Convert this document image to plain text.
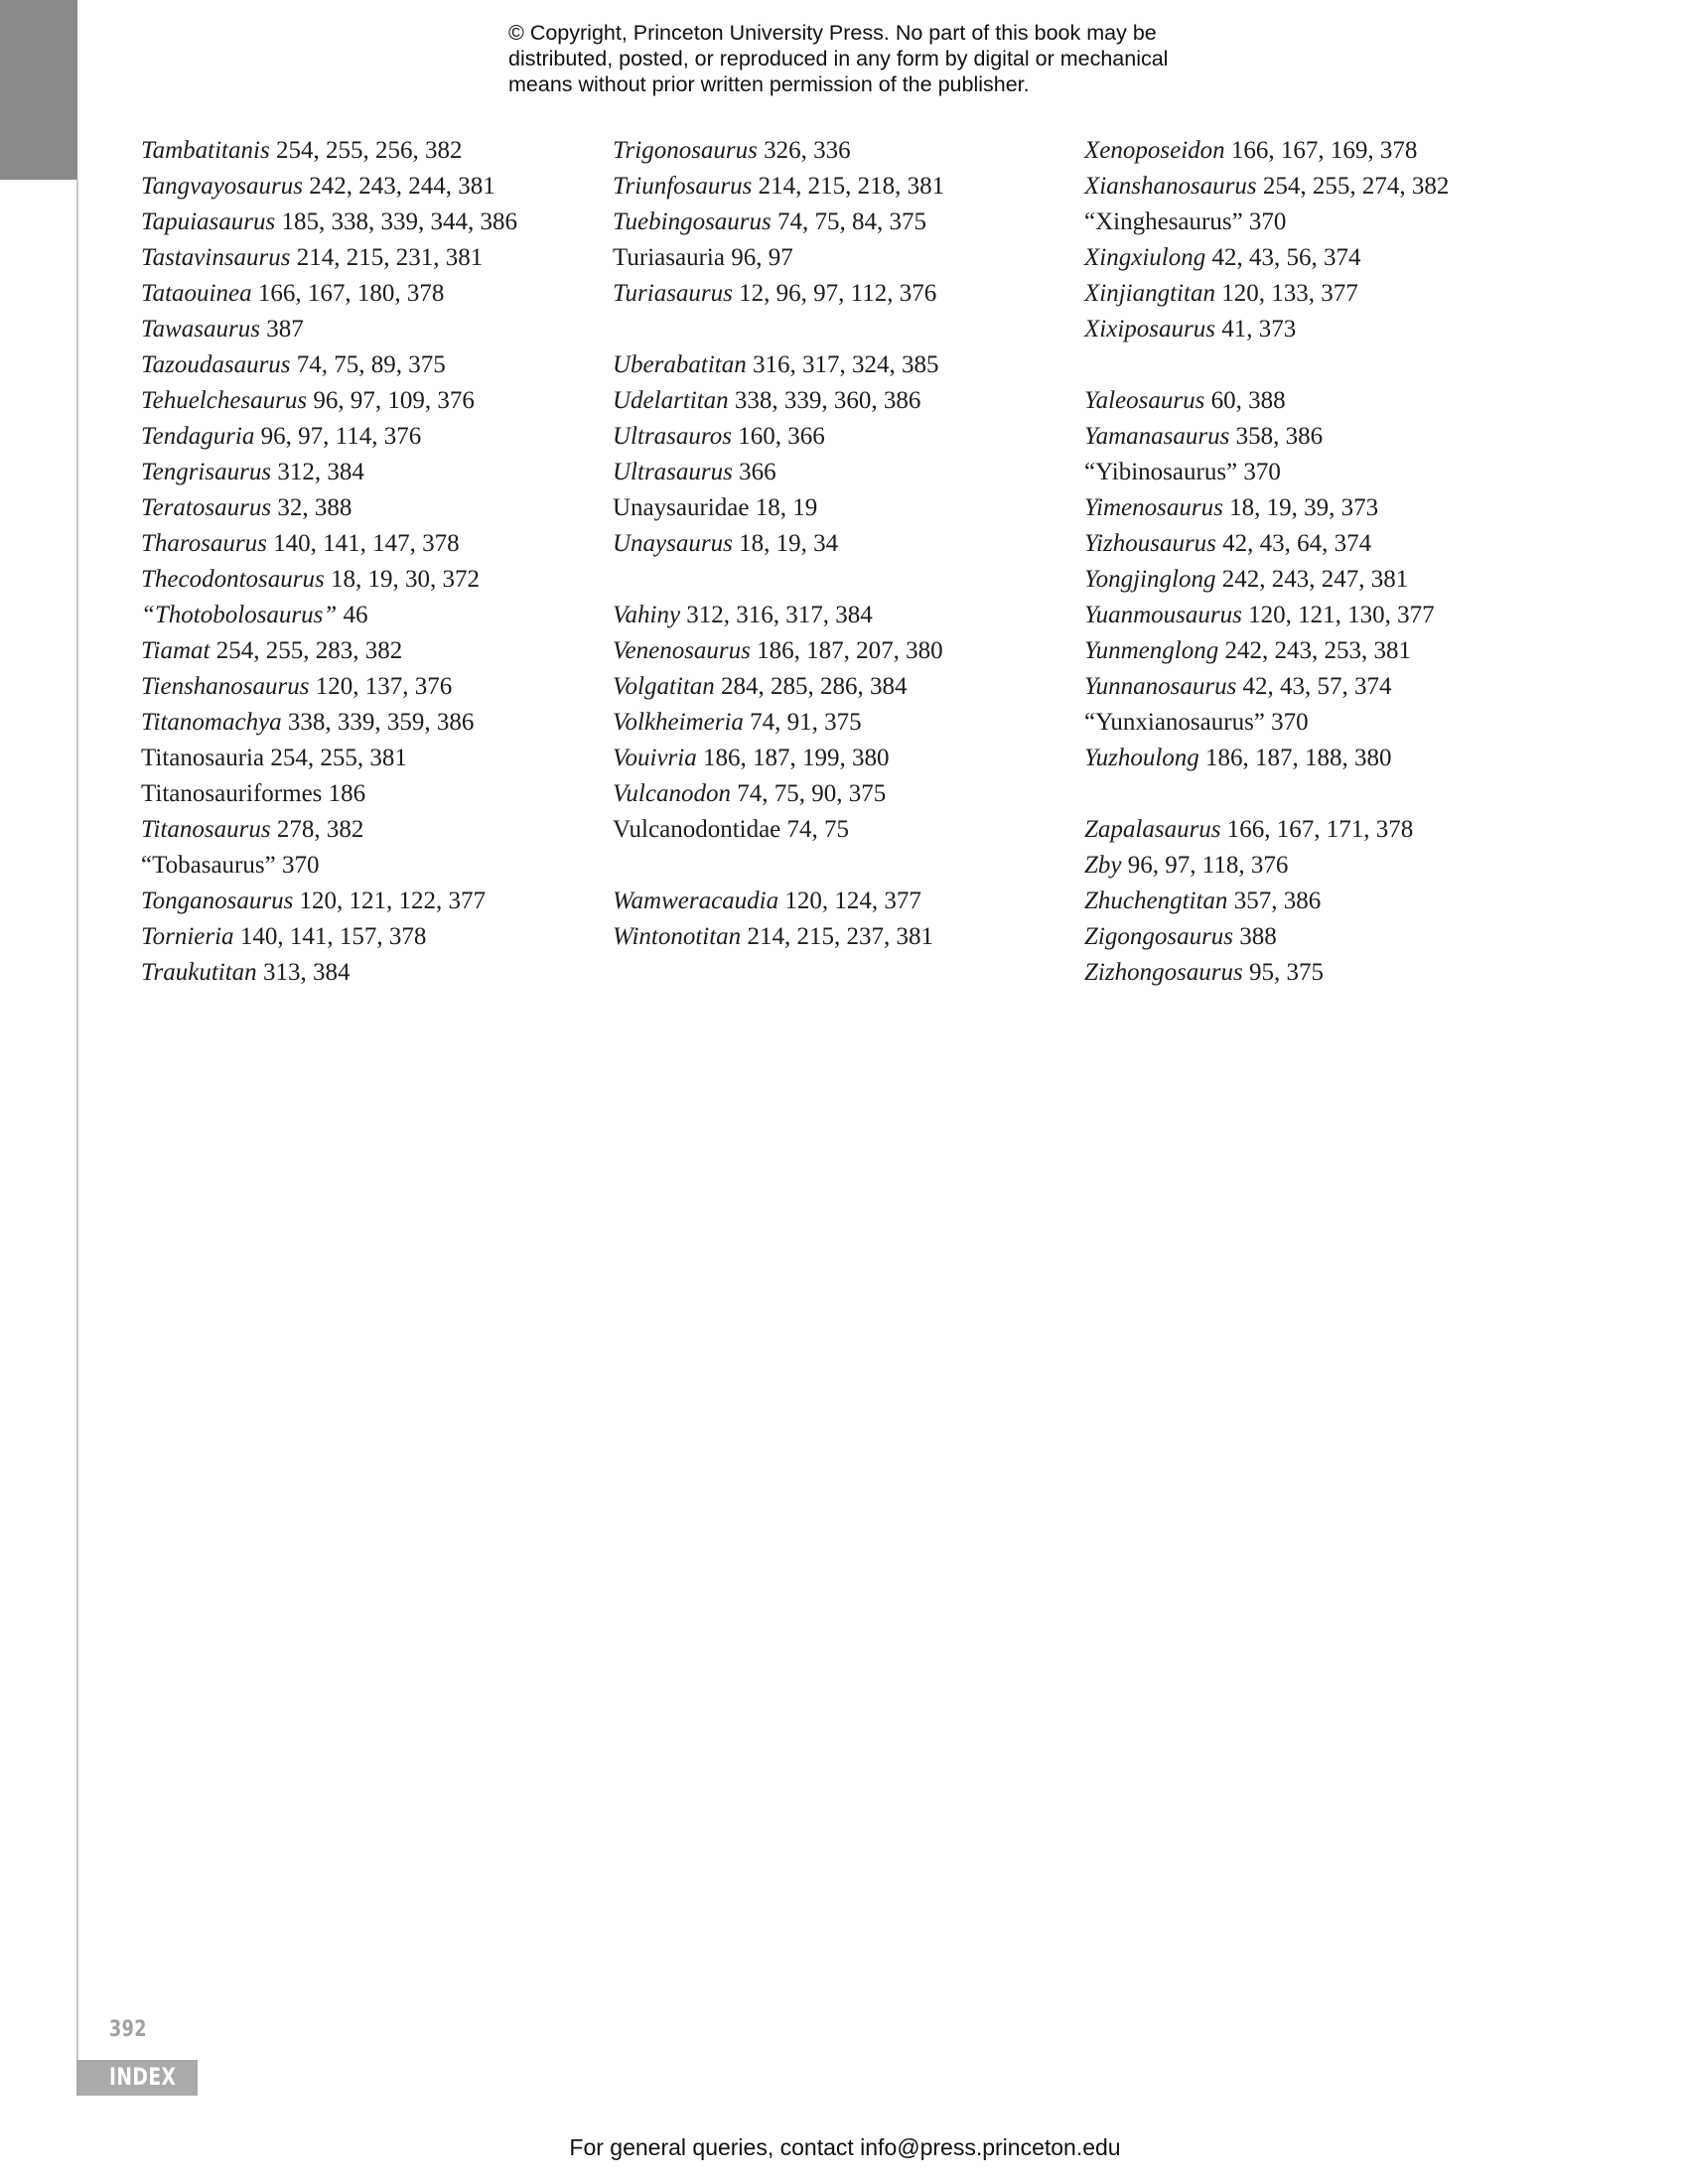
© Copyright, Princeton University Press. No part of this book may be
distributed, posted, or reproduced in any form by digital or mechanical
means without prior written permission of the publisher.
Tambatitanis 254, 255, 256, 382
Tangvayosaurus 242, 243, 244, 381
Tapuiasaurus 185, 338, 339, 344, 386
Tastavinsaurus 214, 215, 231, 381
Tataouinea 166, 167, 180, 378
Tawasaurus 387
Tazoudasaurus 74, 75, 89, 375
Tehuelchesaurus 96, 97, 109, 376
Tendaguria 96, 97, 114, 376
Tengrisaurus 312, 384
Teratosaurus 32, 388
Tharosaurus 140, 141, 147, 378
Thecodontosaurus 18, 19, 30, 372
“Thotobolosaurus” 46
Tiamat 254, 255, 283, 382
Tienshanosaurus 120, 137, 376
Titanomachya 338, 339, 359, 386
Titanosauria 254, 255, 381
Titanosauriformes 186
Titanosaurus 278, 382
“Tobasaurus” 370
Tonganosaurus 120, 121, 122, 377
Tornieria 140, 141, 157, 378
Traukutitan 313, 384
Trigonosaurus 326, 336
Triunfosaurus 214, 215, 218, 381
Tuebingosaurus 74, 75, 84, 375
Turiasauria 96, 97
Turiasaurus 12, 96, 97, 112, 376
Uberabatitan 316, 317, 324, 385
Udelartitan 338, 339, 360, 386
Ultrasauros 160, 366
Ultrasaurus 366
Unaysauridae 18, 19
Unaysaurus 18, 19, 34
Vahiny 312, 316, 317, 384
Venenosaurus 186, 187, 207, 380
Volgatitan 284, 285, 286, 384
Volkheimeria 74, 91, 375
Vouivria 186, 187, 199, 380
Vulcanodon 74, 75, 90, 375
Vulcanodontidae 74, 75
Wamweracaudia 120, 124, 377
Wintonotitan 214, 215, 237, 381
Xenoposeidon 166, 167, 169, 378
Xianshanosaurus 254, 255, 274, 382
“Xinghesaurus” 370
Xingxiulong 42, 43, 56, 374
Xinjiangtitan 120, 133, 377
Xixiposaurus 41, 373
Yaleosaurus 60, 388
Yamanasaurus 358, 386
“Yibinosaurus” 370
Yimenosaurus 18, 19, 39, 373
Yizhousaurus 42, 43, 64, 374
Yongjinglong 242, 243, 247, 381
Yuanmousaurus 120, 121, 130, 377
Yunmenglong 242, 243, 253, 381
Yunnanosaurus 42, 43, 57, 374
“Yunxianosaurus” 370
Yuzhoulong 186, 187, 188, 380
Zapalasaurus 166, 167, 171, 378
Zby 96, 97, 118, 376
Zhuchengtitan 357, 386
Zigongosaurus 388
Zizhongosaurus 95, 375
392
INDEX
For general queries, contact info@press.princeton.edu
